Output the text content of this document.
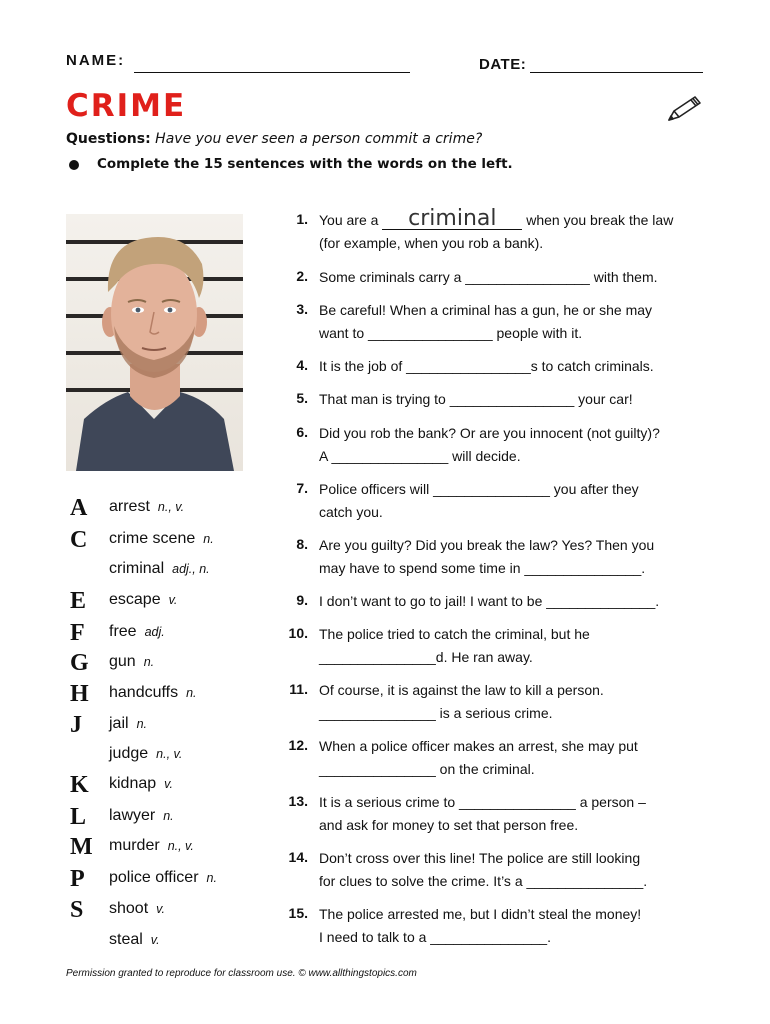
NAME:	DATE:
CRIME
Questions: Have you ever seen a person commit a crime?
Complete the 15 sentences with the words on the left.
A	arrest n., v.
C	crime scene n.
criminal adj., n.
E	escape v.
F	free adj.
G	gun n.
H	handcuffs n.
J	jail n.
judge n., v.
K	kidnap v.
L	lawyer n.
M murder n., v.
P	police officer n.
S	shoot v.
steal v.
1. You are a criminal when you break the law
(for example, when you rob a bank).
2. Some criminals carry a ________________ with them.
3. Be careful! When a criminal has a gun, he or she may
want to ________________ people with it.
4. It is the job of ________________s to catch criminals.
5. That man is trying to ________________ your car!
6. Did you rob the bank? Or are you innocent (not guilty)?
A _______________ will decide.
7. Police officers will _______________ you after they
catch you.
8. Are you guilty? Did you break the law? Yes? Then you
may have to spend some time in _______________.
9. I don’t want to go to jail! I want to be ______________.
10. The police tried to catch the criminal, but he
_______________d. He ran away.
11. Of course, it is against the law to kill a person.
_______________ is a serious crime.
12. When a police officer makes an arrest, she may put
_______________ on the criminal.
13. It is a serious crime to _______________ a person –
and ask for money to set that person free.
14. Don’t cross over this line! The police are still looking
for clues to solve the crime. It’s a _______________.
15. The police arrested me, but I didn’t steal the money!
I need to talk to a _______________.
Permission granted to reproduce for classroom use. © www.allthingstopics.com
